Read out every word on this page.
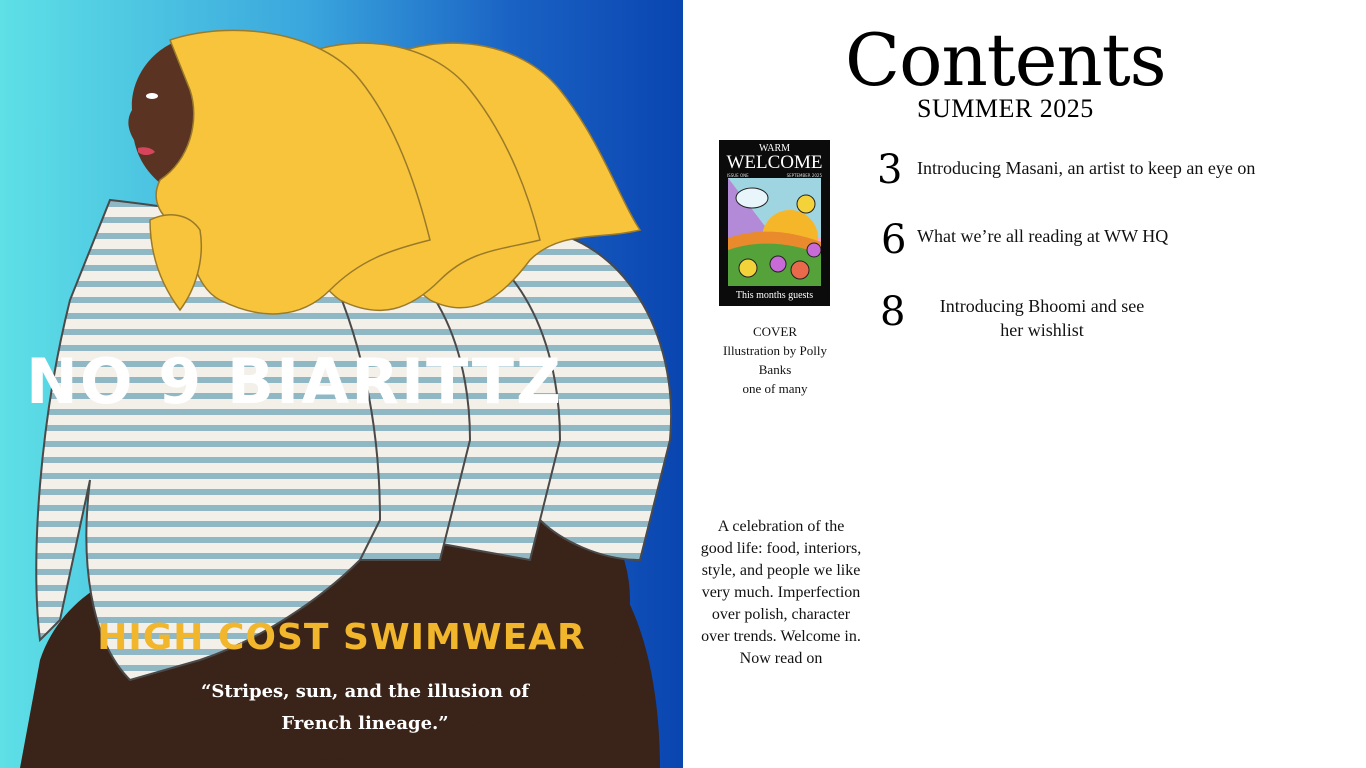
NO 9 BIARITTZ
HIGH COST SWIMWEAR
“Stripes, sun, and the illusion of French lineage.”
Contents
SUMMER 2025
WARM
WELCOME
ISSUE ONE	SEPTEMBER 2025
This months guests
COVER
Illustration by Polly
Banks
one of many
3 Introducing Masani, an artist to keep an eye on
6 What we’re all reading at WW HQ
8	Introducing Bhoomi and see
her wishlist
A celebration of the good life: food, interiors, style, and people we like very much. Imperfection over polish, character over trends. Welcome in. Now read on
